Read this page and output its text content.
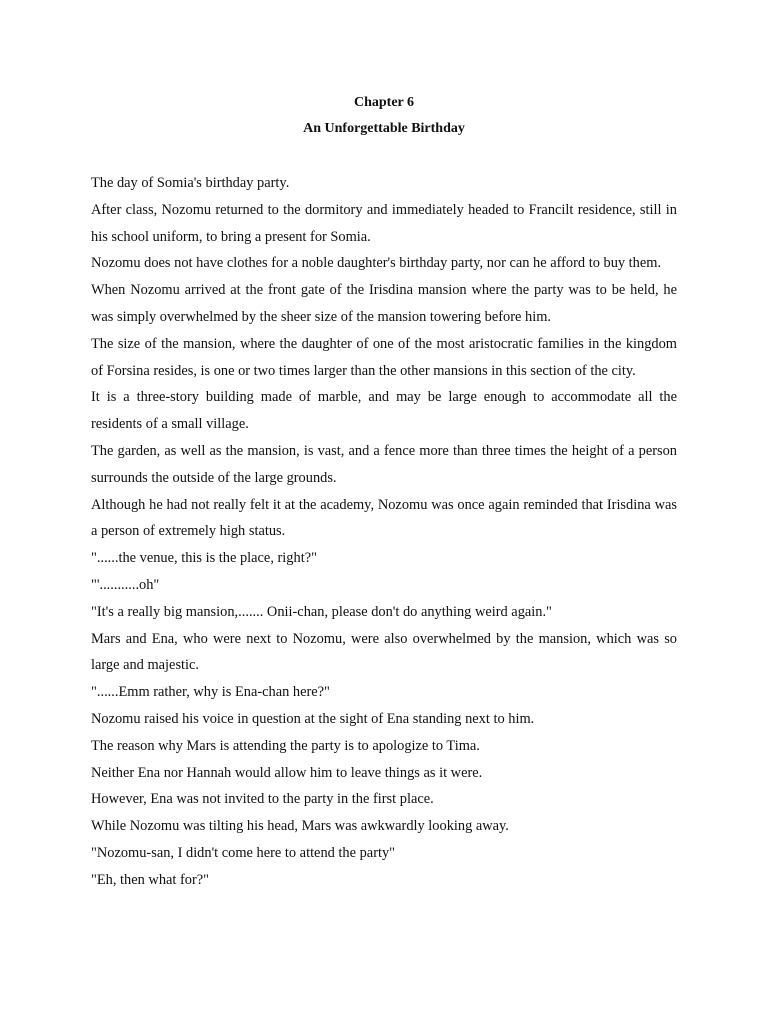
Chapter 6
An Unforgettable Birthday

The day of Somia's birthday party.

After class, Nozomu returned to the dormitory and immediately headed to Francilt residence, still in his school uniform, to bring a present for Somia.

Nozomu does not have clothes for a noble daughter's birthday party, nor can he afford to buy them.

When Nozomu arrived at the front gate of the Irisdina mansion where the party was to be held, he was simply overwhelmed by the sheer size of the mansion towering before him.

The size of the mansion, where the daughter of one of the most aristocratic families in the kingdom of Forsina resides, is one or two times larger than the other mansions in this section of the city.

It is a three-story building made of marble, and may be large enough to accommodate all the residents of a small village.

The garden, as well as the mansion, is vast, and a fence more than three times the height of a person surrounds the outside of the large grounds.

Although he had not really felt it at the academy, Nozomu was once again reminded that Irisdina was a person of extremely high status.

"......the venue, this is the place, right?"

"'...........oh"

"It's a really big mansion,....... Onii-chan, please don't do anything weird again."

Mars and Ena, who were next to Nozomu, were also overwhelmed by the mansion, which was so large and majestic.

"......Emm rather, why is Ena-chan here?"

Nozomu raised his voice in question at the sight of Ena standing next to him.

The reason why Mars is attending the party is to apologize to Tima.

Neither Ena nor Hannah would allow him to leave things as it were.

However, Ena was not invited to the party in the first place.

While Nozomu was tilting his head, Mars was awkwardly looking away.

"Nozomu-san, I didn't come here to attend the party"

"Eh, then what for?"
